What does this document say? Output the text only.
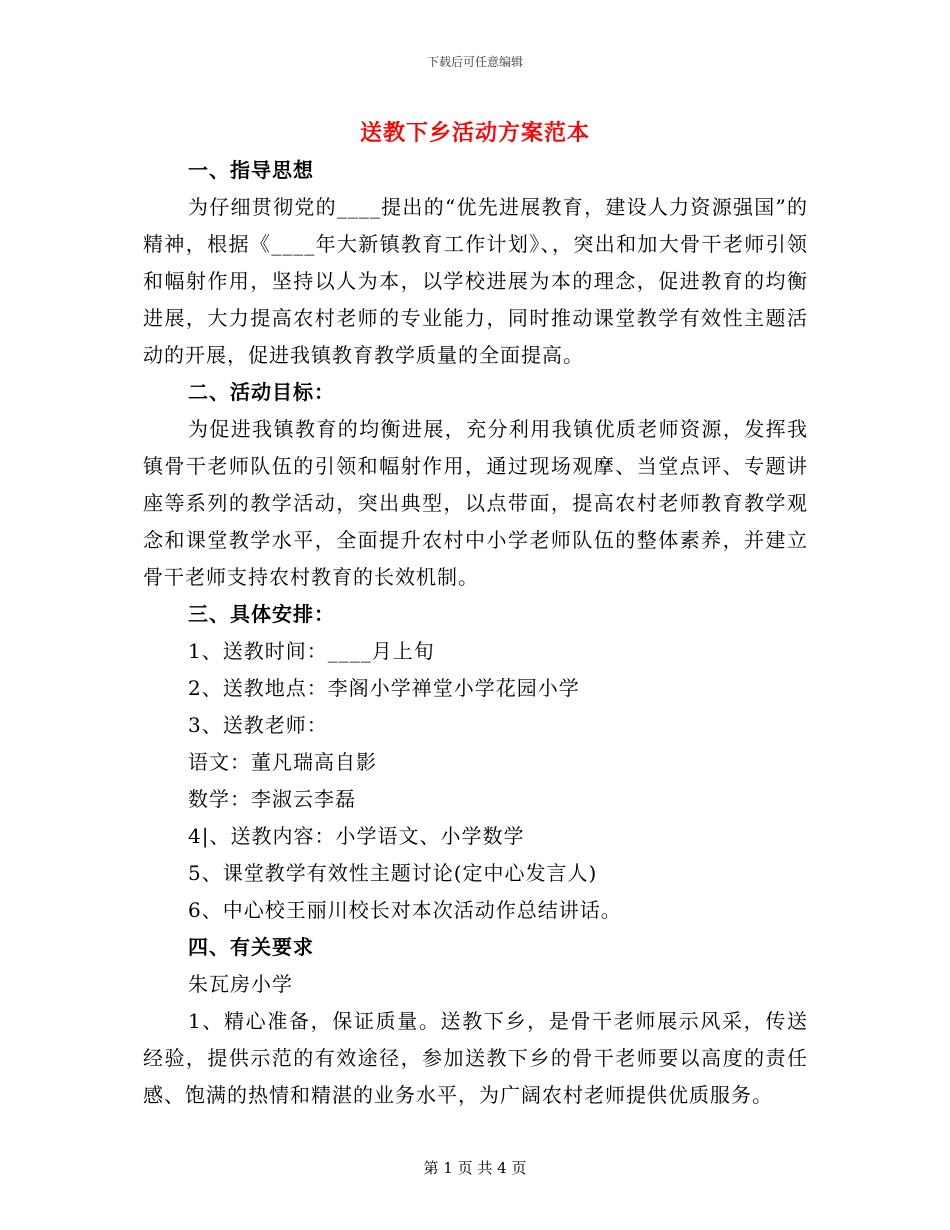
下载后可任意编辑
送教下乡活动方案范本

一、指导思想

为仔细贯彻党的____提出的“优先进展教育，建设人力资源强国”的精神，根据《____年大新镇教育工作计划》、，突出和加大骨干老师引领和幅射作用，坚持以人为本，以学校进展为本的理念，促进教育的均衡进展，大力提高农村老师的专业能力，同时推动课堂教学有效性主题活动的开展，促进我镇教育教学质量的全面提高。

二、活动目标：

为促进我镇教育的均衡进展，充分利用我镇优质老师资源，发挥我镇骨干老师队伍的引领和幅射作用，通过现场观摩、当堂点评、专题讲座等系列的教学活动，突出典型，以点带面，提高农村老师教育教学观念和课堂教学水平，全面提升农村中小学老师队伍的整体素养，并建立骨干老师支持农村教育的长效机制。

三、具体安排：

1、送教时间：____月上旬

2、送教地点：李阁小学禅堂小学花园小学

3、送教老师：

语文：董凡瑞高自影

数学：李淑云李磊

4|、送教内容：小学语文、小学数学

5、课堂教学有效性主题讨论(定中心发言人)

6、中心校王丽川校长对本次活动作总结讲话。

四、有关要求

朱瓦房小学

1、精心准备，保证质量。送教下乡，是骨干老师展示风采，传送经验，提供示范的有效途径，参加送教下乡的骨干老师要以高度的责任感、饱满的热情和精湛的业务水平，为广阔农村老师提供优质服务。

第 1 页 共 4 页
